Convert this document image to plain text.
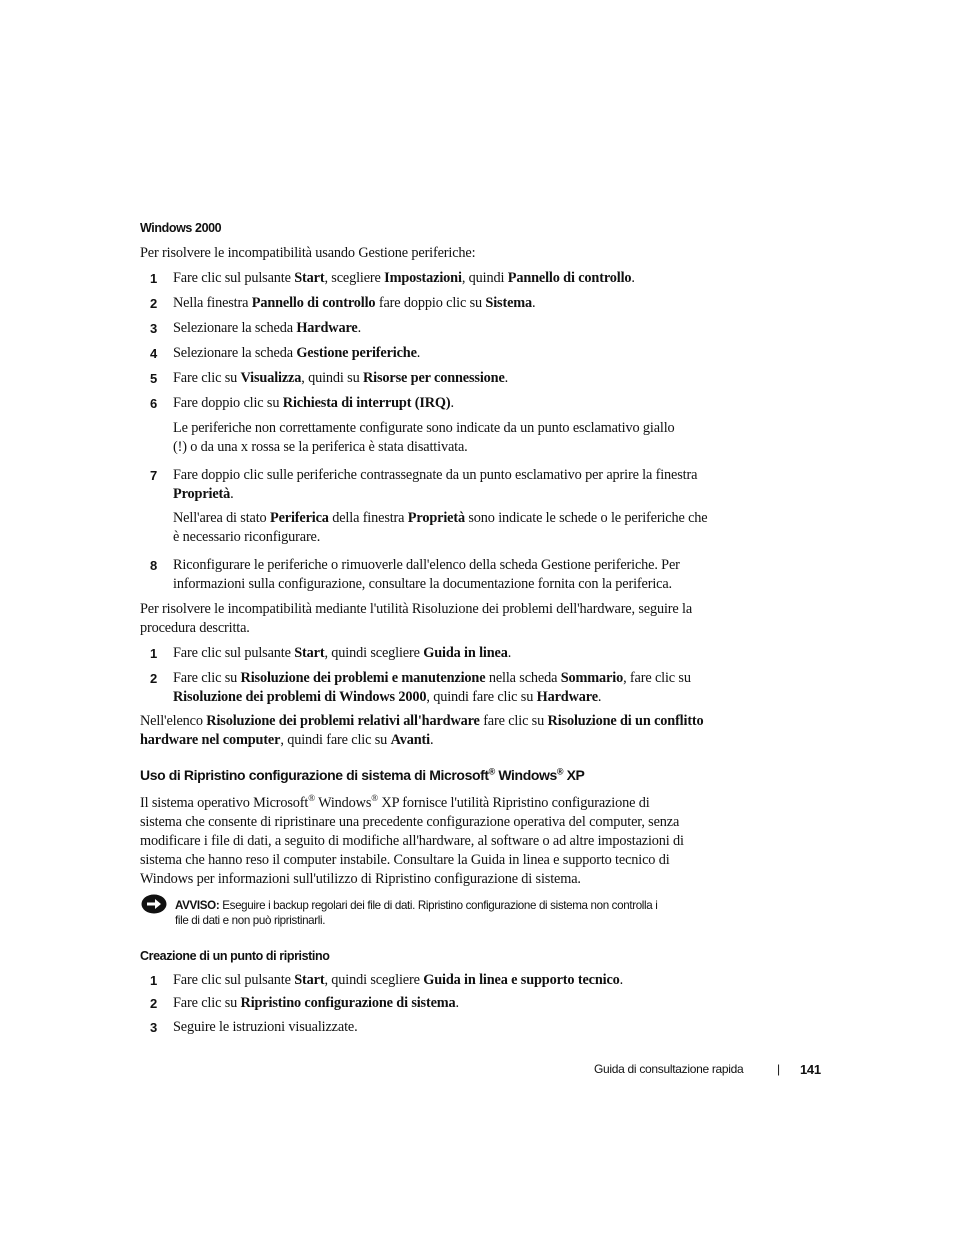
Windows 2000
Per risolvere le incompatibilità usando Gestione periferiche:
1 Fare clic sul pulsante Start, scegliere Impostazioni, quindi Pannello di controllo.
2 Nella finestra Pannello di controllo fare doppio clic su Sistema.
3 Selezionare la scheda Hardware.
4 Selezionare la scheda Gestione periferiche.
5 Fare clic su Visualizza, quindi su Risorse per connessione.
6 Fare doppio clic su Richiesta di interrupt (IRQ).
Le periferiche non correttamente configurate sono indicate da un punto esclamativo giallo
(!) o da una x rossa se la periferica è stata disattivata.
7 Fare doppio clic sulle periferiche contrassegnate da un punto esclamativo per aprire la finestra
Proprietà.
Nell'area di stato Periferica della finestra Proprietà sono indicate le schede o le periferiche che
è necessario riconfigurare.
8 Riconfigurare le periferiche o rimuoverle dall'elenco della scheda Gestione periferiche. Per
informazioni sulla configurazione, consultare la documentazione fornita con la periferica.
Per risolvere le incompatibilità mediante l'utilità Risoluzione dei problemi dell'hardware, seguire la
procedura descritta.
1 Fare clic sul pulsante Start, quindi scegliere Guida in linea.
2 Fare clic su Risoluzione dei problemi e manutenzione nella scheda Sommario, fare clic su
Risoluzione dei problemi di Windows 2000, quindi fare clic su Hardware.
Nell'elenco Risoluzione dei problemi relativi all'hardware fare clic su Risoluzione di un conflitto
hardware nel computer, quindi fare clic su Avanti.
Uso di Ripristino configurazione di sistema di Microsoft® Windows® XP
Il sistema operativo Microsoft® Windows® XP fornisce l'utilità Ripristino configurazione di
sistema che consente di ripristinare una precedente configurazione operativa del computer, senza
modificare i file di dati, a seguito di modifiche all'hardware, al software o ad altre impostazioni di
sistema che hanno reso il computer instabile. Consultare la Guida in linea e supporto tecnico di
Windows per informazioni sull'utilizzo di Ripristino configurazione di sistema.
AVVISO: Eseguire i backup regolari dei file di dati. Ripristino configurazione di sistema non controlla i
file di dati e non può ripristinarli.
Creazione di un punto di ripristino
1 Fare clic sul pulsante Start, quindi scegliere Guida in linea e supporto tecnico.
2 Fare clic su Ripristino configurazione di sistema.
3 Seguire le istruzioni visualizzate.
Guida di consultazione rapida	| 141
